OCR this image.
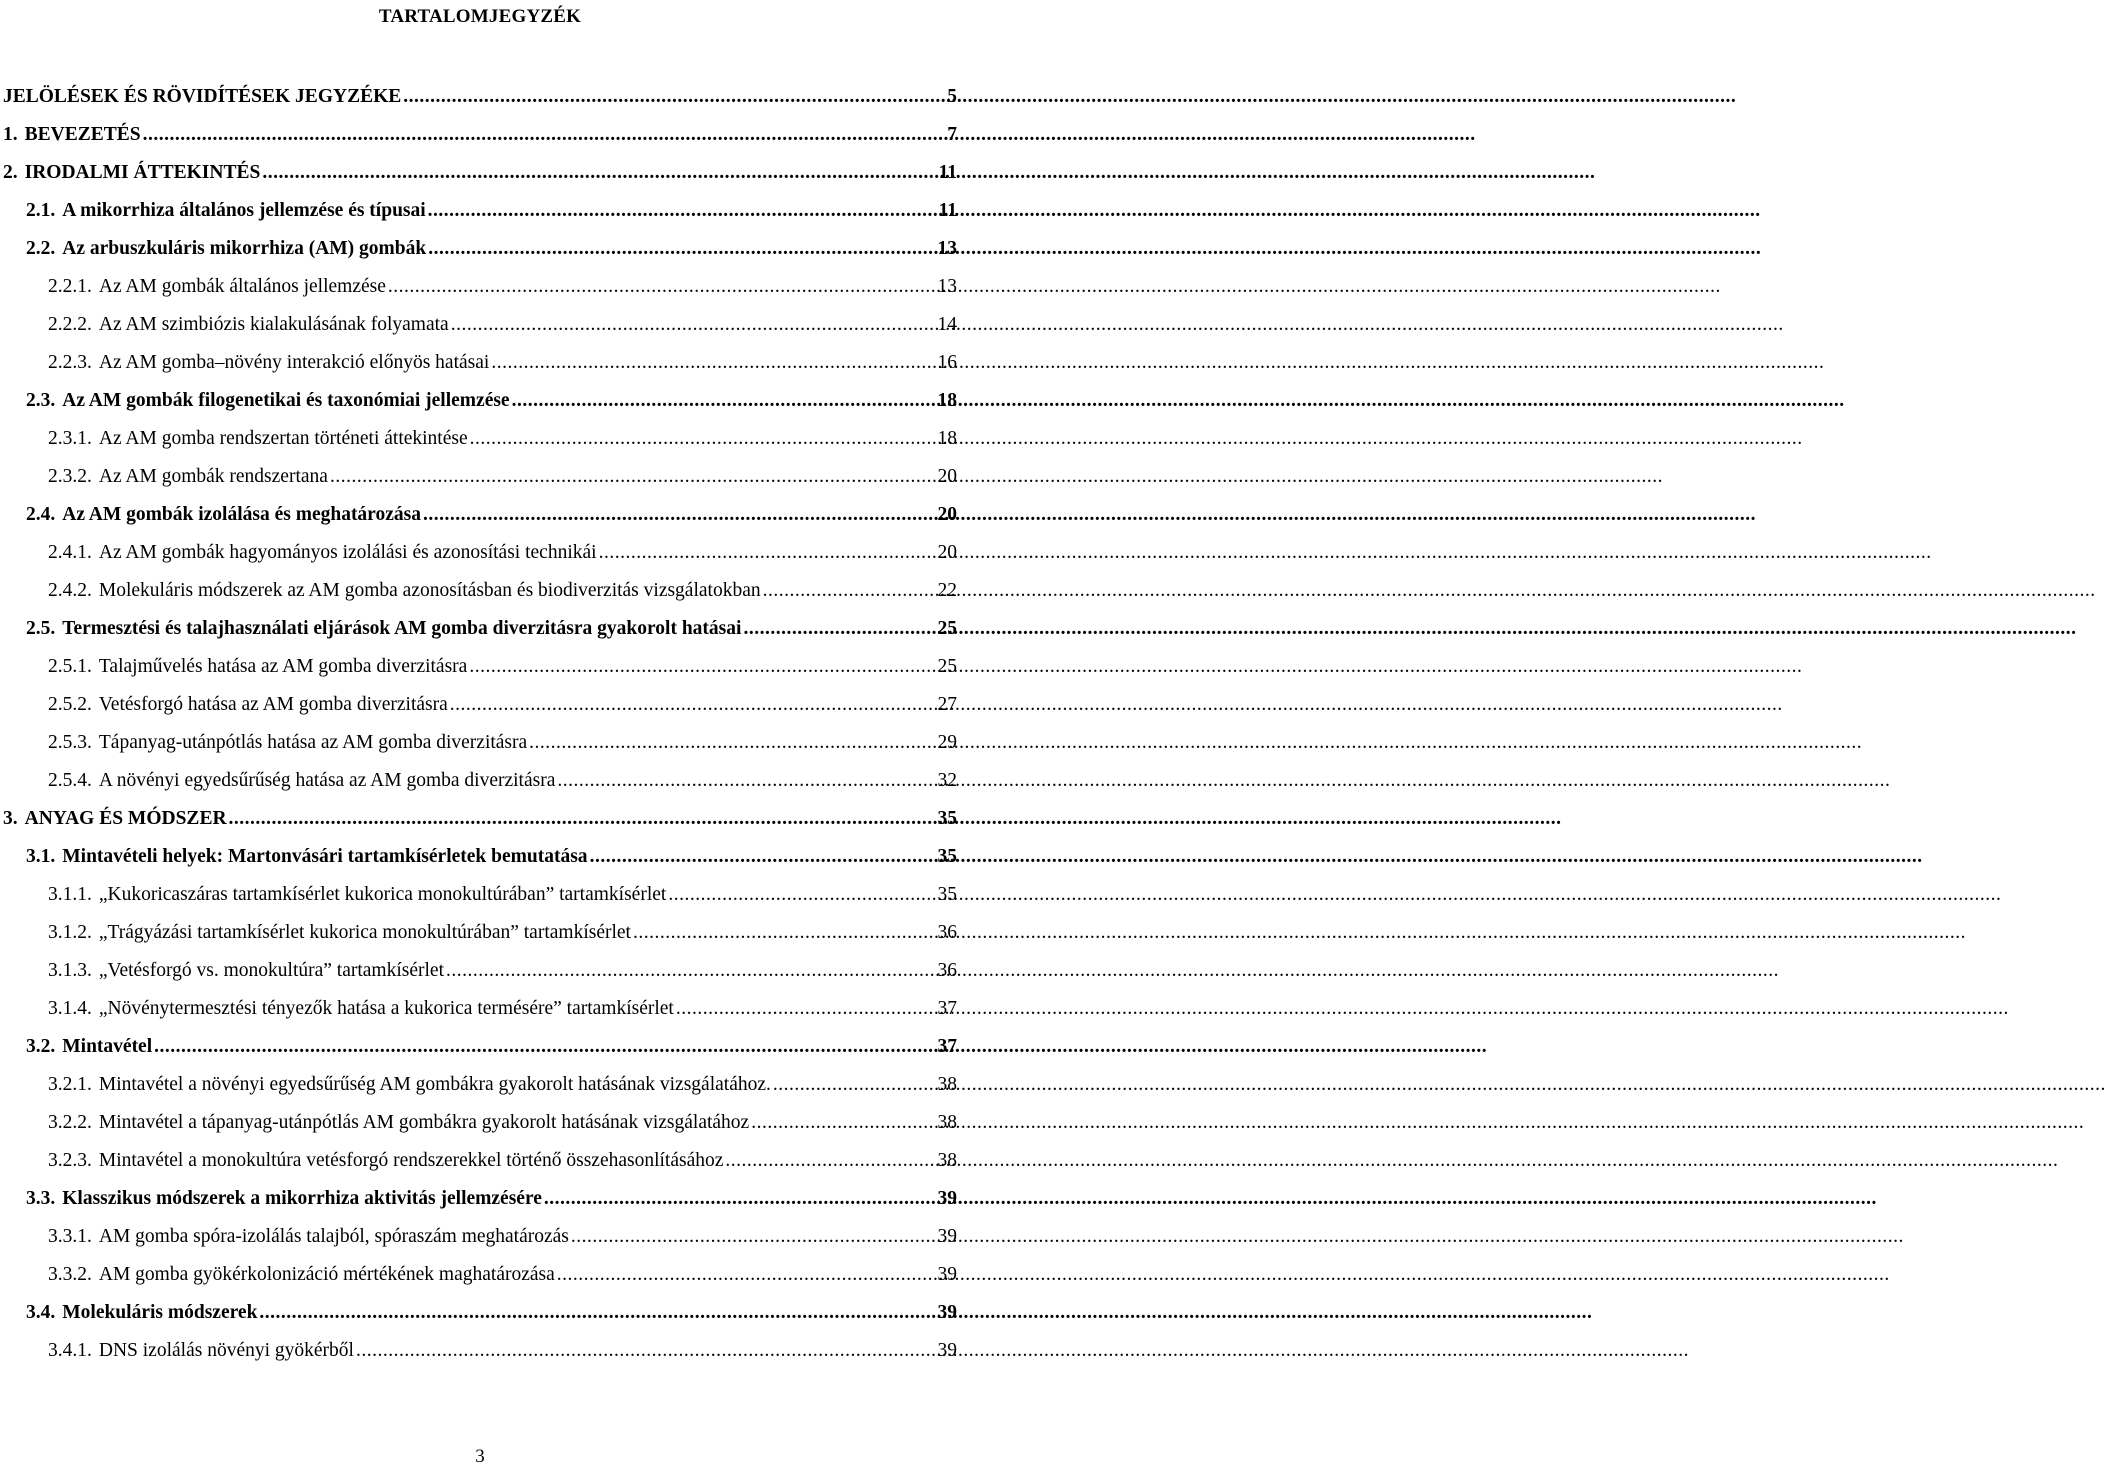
TARTALOMJEGYZÉK
JELÖLÉSEK ÉS RÖVIDÍTÉSEK JEGYZÉKE .....	5
1. BEVEZETÉS .....	7
2. IRODALMI ÁTTEKINTÉS .....	11
2.1. A mikorrhiza általános jellemzése és típusai .....	11
2.2. Az arbuszkuláris mikorrhiza (AM) gombák .....	13
2.2.1. Az AM gombák általános jellemzése .....	13
2.2.2. Az AM szimbiózis kialakulásának folyamata .....	14
2.2.3. Az AM gomba–növény interakció előnyös hatásai .....	16
2.3. Az AM gombák filogenetikai és taxonómiai jellemzése .....	18
2.3.1. Az AM gomba rendszertan történeti áttekintése .....	18
2.3.2. Az AM gombák rendszertana .....	20
2.4. Az AM gombák izolálása és meghatározása .....	20
2.4.1. Az AM gombák hagyományos izolálási és azonosítási technikái .....	20
2.4.2. Molekuláris módszerek az AM gomba azonosításban és biodiverzitás vizsgálatokban .....	22
2.5. Termesztési és talajhasználati eljárások AM gomba diverzitásra gyakorolt hatásai .....	25
2.5.1. Talajművelés hatása az AM gomba diverzitásra .....	25
2.5.2. Vetésforgó hatása az AM gomba diverzitásra .....	27
2.5.3. Tápanyag-utánpótlás hatása az AM gomba diverzitásra .....	29
2.5.4. A növényi egyedsűrűség hatása az AM gomba diverzitásra .....	32
3. ANYAG ÉS MÓDSZER .....	35
3.1. Mintavételi helyek: Martonvásári tartamkísérletek bemutatása .....	35
3.1.1. „Kukoricaszáras tartamkísérlet kukorica monokultúrában” tartamkísérlet .....	35
3.1.2. „Trágyázási tartamkísérlet kukorica monokultúrában” tartamkísérlet .....	36
3.1.3. „Vetésforgó vs. monokultúra” tartamkísérlet .....	36
3.1.4. „Növénytermesztési tényezők hatása a kukorica termésére” tartamkísérlet .....	37
3.2. Mintavétel .....	37
3.2.1. Mintavétel a növényi egyedsűrűség AM gombákra gyakorolt hatásának vizsgálatához. .....	38
3.2.2. Mintavétel a tápanyag-utánpótlás AM gombákra gyakorolt hatásának vizsgálatához .....	38
3.2.3. Mintavétel a monokultúra vetésforgó rendszerekkel történő összehasonlításához .....	38
3.3. Klasszikus módszerek a mikorrhiza aktivitás jellemzésére .....	39
3.3.1. AM gomba spóra-izolálás talajból, spóraszám meghatározás .....	39
3.3.2. AM gomba gyökérkolonizáció mértékének maghatározása .....	39
3.4. Molekuláris módszerek .....	39
3.4.1. DNS izolálás növényi gyökérből .....	39
3
